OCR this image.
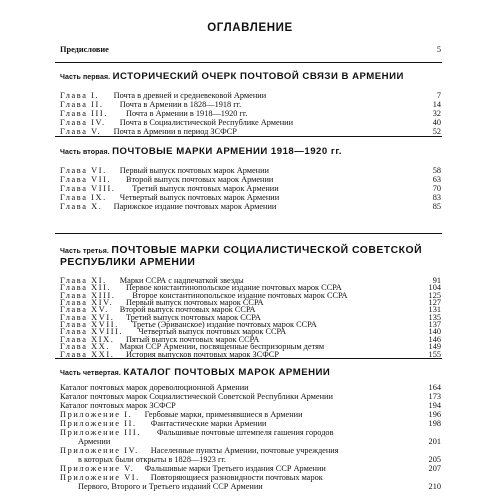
ОГЛАВЛЕНИЕ
Предисловие	5
Часть первая. ИСТОРИЧЕСКИЙ ОЧЕРК ПОЧТОВОЙ СВЯЗИ В АРМЕНИИ
Глава I. Почта в древней и средневековой Армении	7
Глава II. Почта в Армении в 1828—1918 гг.	14
Глава III. Почта в Армении в 1918—1920 гг.	32
Глава IV. Почта в Социалистической Республике Армении	40
Глава V. Почта в Армении в период ЗСФСР	52
Часть вторая. ПОЧТОВЫЕ МАРКИ АРМЕНИИ 1918—1920 гг.
Глава VI. Первый выпуск почтовых марок Армении	58
Глава VII. Второй выпуск почтовых марок Армении	63
Глава VIII. Третий выпуск почтовых марок Армении	70
Глава IX. Четвертый выпуск почтовых марок Армении	83
Глава X. Парижское издание почтовых марок Армении	85
Часть третья. ПОЧТОВЫЕ МАРКИ СОЦИАЛИСТИЧЕСКОЙ СОВЕТСКОЙ
РЕСПУБЛИКИ АРМЕНИИ
Глава XI. Марки ССРА с надпечаткой звезды	91
Глава XII. Первое константинопольское издание почтовых марок ССРА	104
Глава XIII. Второе константинопольское издание почтовых марок ССРА	125
Глава XIV. Первый выпуск почтовых марок ССРА	127
Глава XV. Второй выпуск почтовых марок ССРА	131
Глава XVI. Третий выпуск почтовых марок ССРА	135
Глава XVII. Третье (Эриванское) издание почтовых марок ССРА	137
Глава XVIII. Четвертый выпуск почтовых марок ССРА	140
Глава XIX. Пятый выпуск почтовых марок ССРА	146
Глава XX. Марки ССР Армении, посвященные беспризорным детям	149
Глава XXI. История выпусков почтовых марок ЗСФСР	155
Часть четвертая. КАТАЛОГ ПОЧТОВЫХ МАРОК АРМЕНИИ
Каталог почтовых марок дореволюционной Армении	164
Каталог почтовых марок Социалистической Советской Республики Армении	173
Каталог почтовых марок ЗСФСР	194
Приложение I. Гербовые марки, применявшиеся в Армении	196
Приложение II. Фантастические марки Армении	198
Приложение III. Фальшивые почтовые штемпеля гашения городов
Армении	201
Приложение IV. Населенные пункты Армении, почтовые учреждения
в которых были открыты в 1828—1923 гг.	205
Приложение V. Фальшивые марки Третьего издания ССР Армении	207
Приложение VI. Повторяющиеся разновидности почтовых марок
Первого, Второго и Третьего изданий ССР Армении	210
